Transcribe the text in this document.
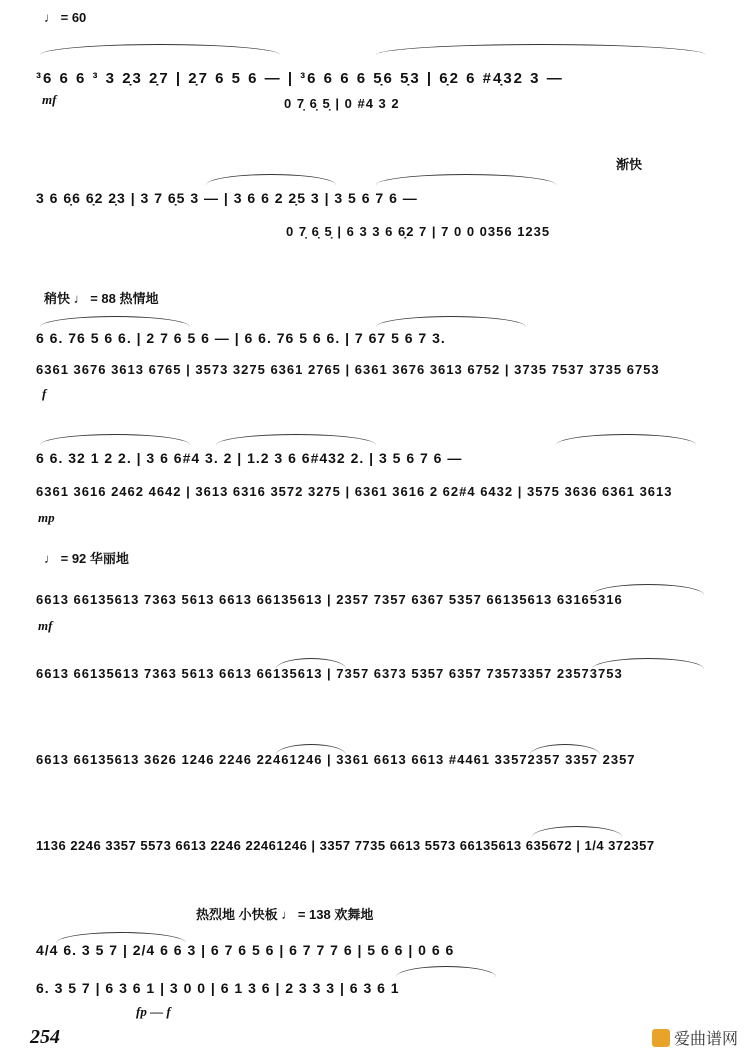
♩ = 60
³6 6 6 ³ 3 2̣3 2̣7 | 2̣7 6 5 6 — | ³6 6 6 6 5̣6 5̣3 | 6̣2 6 #4̣32 3 —
0 7̣ 6̣ 5̣ | 0 #4 3 2
mf
渐快
3 6 6̣6 6̣2 2̣3 | 3 7 6̣5 3 — | 3 6 6 2 2̣5 3 | 3 5 6 7 6 —
0 7̣ 6̣ 5̣ | 6 3 3 6 6̣2 7 | 7 0 0 0356 1235
稍快 ♩ = 88 热情地
6 6. 76 5 6 6. | 2 7 6 5 6 — | 6 6. 76 5 6 6. | 7 67 5 6 7 3.
6361 3676 3613 6765 | 3573 3275 6361 2765 | 6361 3676 3613 6752 | 3735 7537 3735 6753
f
6 6. 32 1 2 2. | 3 6 6#4 3. 2 | 1.2 3 6 6#432 2. | 3 5 6 7 6 —
6361 3616 2462 4642 | 3613 6316 3572 3275 | 6361 3616 2 62#4 6432 | 3575 3636 6361 3613
mp
♩ = 92 华丽地
6613 66135613 7363 5613 6613 66135613 | 2357 7357 6367 5357 66135613 63165316
mf
6613 66135613 7363 5613 6613 66135613 | 7357 6373 5357 6357 73573357 23573753
6613 66135613 3626 1246 2246 22461246 | 3361 6613 6613 #4461 33572357 3357 2357
1136 2246 3357 5573 6613 2246 22461246 | 3357 7735 6613 5573 66135613 635672 | 1/4 372357
热烈地 小快板 ♩ = 138 欢舞地
4/4 6. 3 5 7 | 2/4 6 6 3 | 6 7 6 5 6 | 6 7 7 7 6 | 5 6 6 | 0 6 6
6. 3 5 7 | 6 3 6 1 | 3 0 0 | 6 1 3 6 | 2 3 3 3 | 6 3 6 1
fp — f
254	爱曲谱网
